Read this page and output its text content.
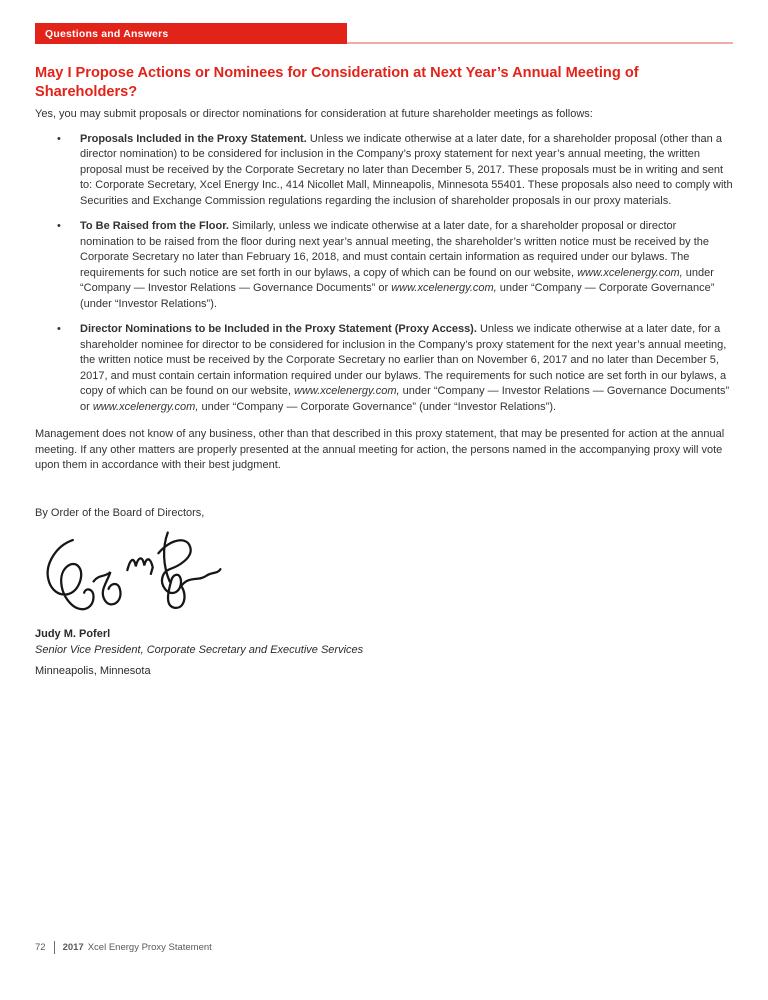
Questions and Answers
May I Propose Actions or Nominees for Consideration at Next Year’s Annual Meeting of Shareholders?

Yes, you may submit proposals or director nominations for consideration at future shareholder meetings as follows:

• Proposals Included in the Proxy Statement. Unless we indicate otherwise at a later date, for a shareholder proposal (other than a director nomination) to be considered for inclusion in the Company’s proxy statement for next year’s annual meeting, the written proposal must be received by the Corporate Secretary no later than December 5, 2017. These proposals must be in writing and sent to: Corporate Secretary, Xcel Energy Inc., 414 Nicollet Mall, Minneapolis, Minnesota 55401. These proposals also need to comply with Securities and Exchange Commission regulations regarding the inclusion of shareholder proposals in our proxy materials.
• To Be Raised from the Floor. Similarly, unless we indicate otherwise at a later date, for a shareholder proposal or director nomination to be raised from the floor during next year’s annual meeting, the shareholder’s written notice must be received by the Corporate Secretary no later than February 16, 2018, and must contain certain information as required under our bylaws. The requirements for such notice are set forth in our bylaws, a copy of which can be found on our website, www.xcelenergy.com, under “Company — Investor Relations — Governance Documents” or www.xcelenergy.com, under “Company — Corporate Governance” (under “Investor Relations”).
• Director Nominations to be Included in the Proxy Statement (Proxy Access). Unless we indicate otherwise at a later date, for a shareholder nominee for director to be considered for inclusion in the Company’s proxy statement for the next year’s annual meeting, the written notice must be received by the Corporate Secretary no earlier than on November 6, 2017 and no later than December 5, 2017, and must contain certain information required under our bylaws. The requirements for such notice are set forth in our bylaws, a copy of which can be found on our website, www.xcelenergy.com, under “Company — Investor Relations — Governance Documents” or www.xcelenergy.com, under “Company — Corporate Governance” (under “Investor Relations”).

Management does not know of any business, other than that described in this proxy statement, that may be presented for action at the annual meeting. If any other matters are properly presented at the annual meeting for action, the persons named in the accompanying proxy will vote upon them in accordance with their best judgment.

By Order of the Board of Directors,

Judy M. Poferl
Senior Vice President, Corporate Secretary and Executive Services
Minneapolis, Minnesota
72 2017 Xcel Energy Proxy Statement
